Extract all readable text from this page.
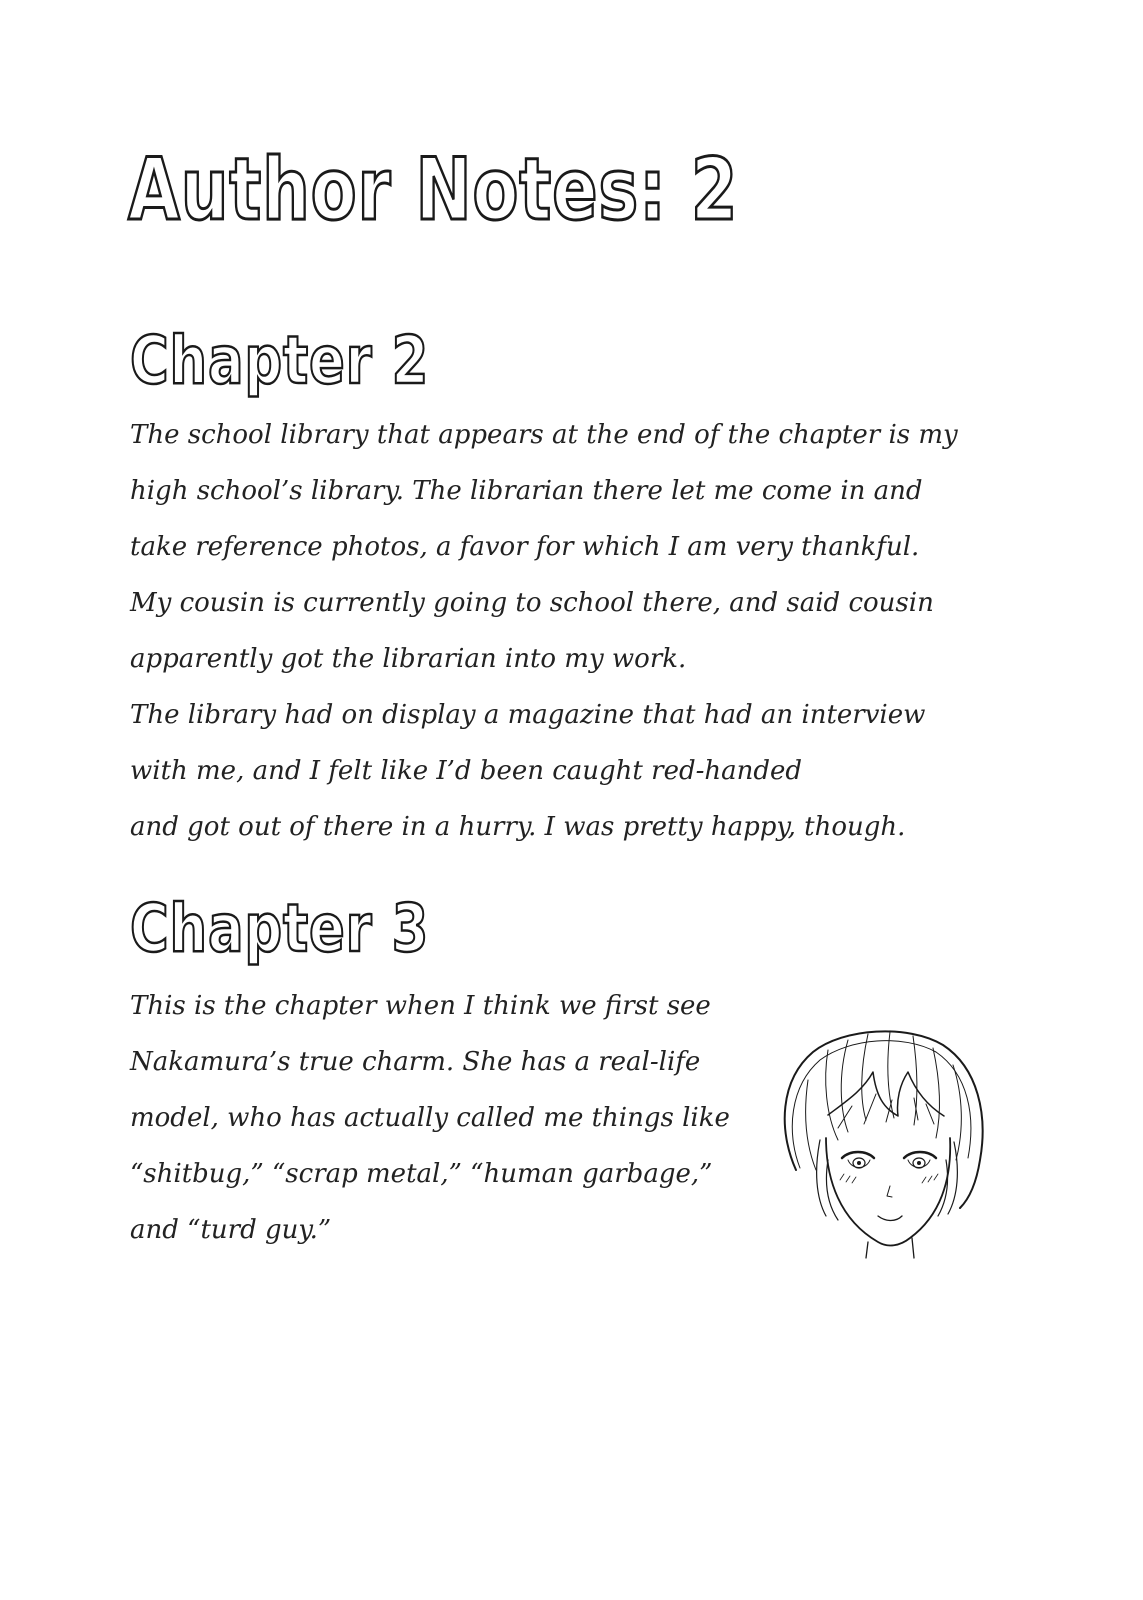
Author Notes: 2
Chapter 2

The school library that appears at the end of the chapter is my
high school’s library. The librarian there let me come in and
take reference photos, a favor for which I am very thankful.
My cousin is currently going to school there, and said cousin
apparently got the librarian into my work.
The library had on display a magazine that had an interview
with me, and I felt like I’d been caught red-handed
and got out of there in a hurry. I was pretty happy, though.

Chapter 3

This is the chapter when I think we first see
Nakamura’s true charm. She has a real-life
model, who has actually called me things like
“shitbug,” “scrap metal,” “human garbage,”
and “turd guy.”
